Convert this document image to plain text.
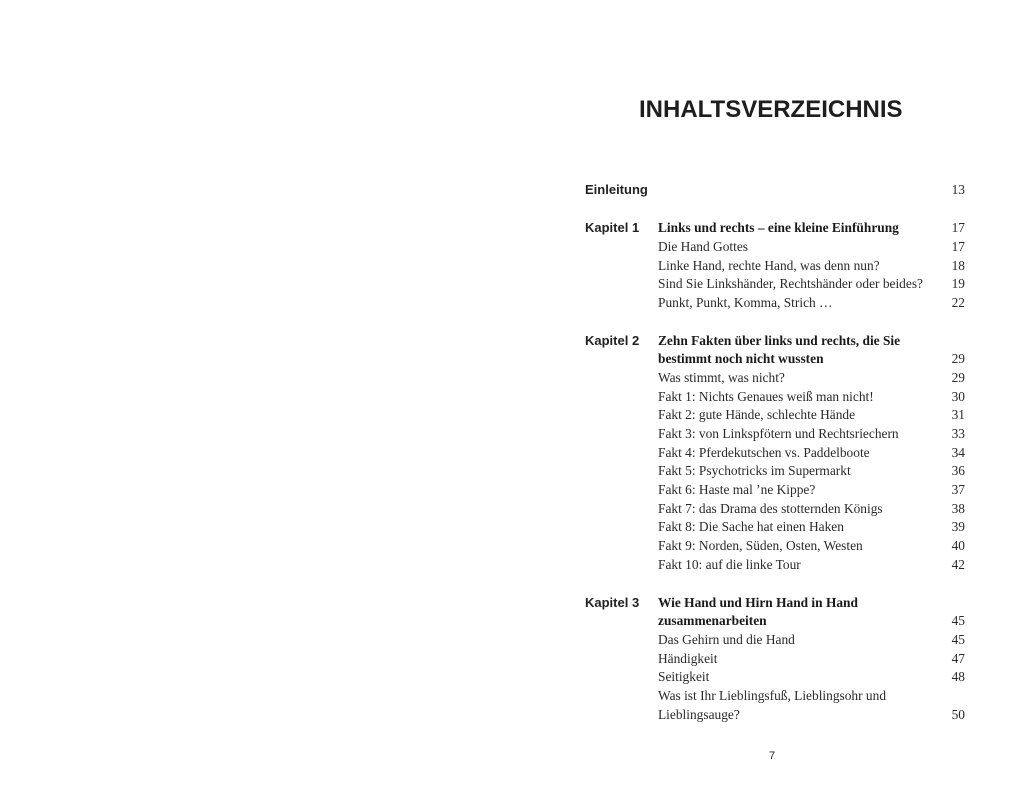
INHALTSVERZEICHNIS
Einleitung	13
Kapitel 1 Links und rechts – eine kleine Einführung	17
Die Hand Gottes	17
Linke Hand, rechte Hand, was denn nun?	18
Sind Sie Linkshänder, Rechtshänder oder beides? 19
Punkt, Punkt, Komma, Strich …	22
Kapitel 2 Zehn Fakten über links und rechts, die Sie
bestimmt noch nicht wussten	29
Was stimmt, was nicht?	29
Fakt 1: Nichts Genaues weiß man nicht!	30
Fakt 2: gute Hände, schlechte Hände	31
Fakt 3: von Linkspfötern und Rechtsriechern	33
Fakt 4: Pferdekutschen vs. Paddelboote	34
Fakt 5: Psychotricks im Supermarkt	36
Fakt 6: Haste mal ’ne Kippe?	37
Fakt 7: das Drama des stotternden Königs	38
Fakt 8: Die Sache hat einen Haken	39
Fakt 9: Norden, Süden, Osten, Westen	40
Fakt 10: auf die linke Tour	42
Kapitel 3 Wie Hand und Hirn Hand in Hand
zusammenarbeiten	45
Das Gehirn und die Hand	45
Händigkeit	47
Seitigkeit	48
Was ist Ihr Lieblingsfuß, Lieblingsohr und
Lieblingsauge?	50
7
